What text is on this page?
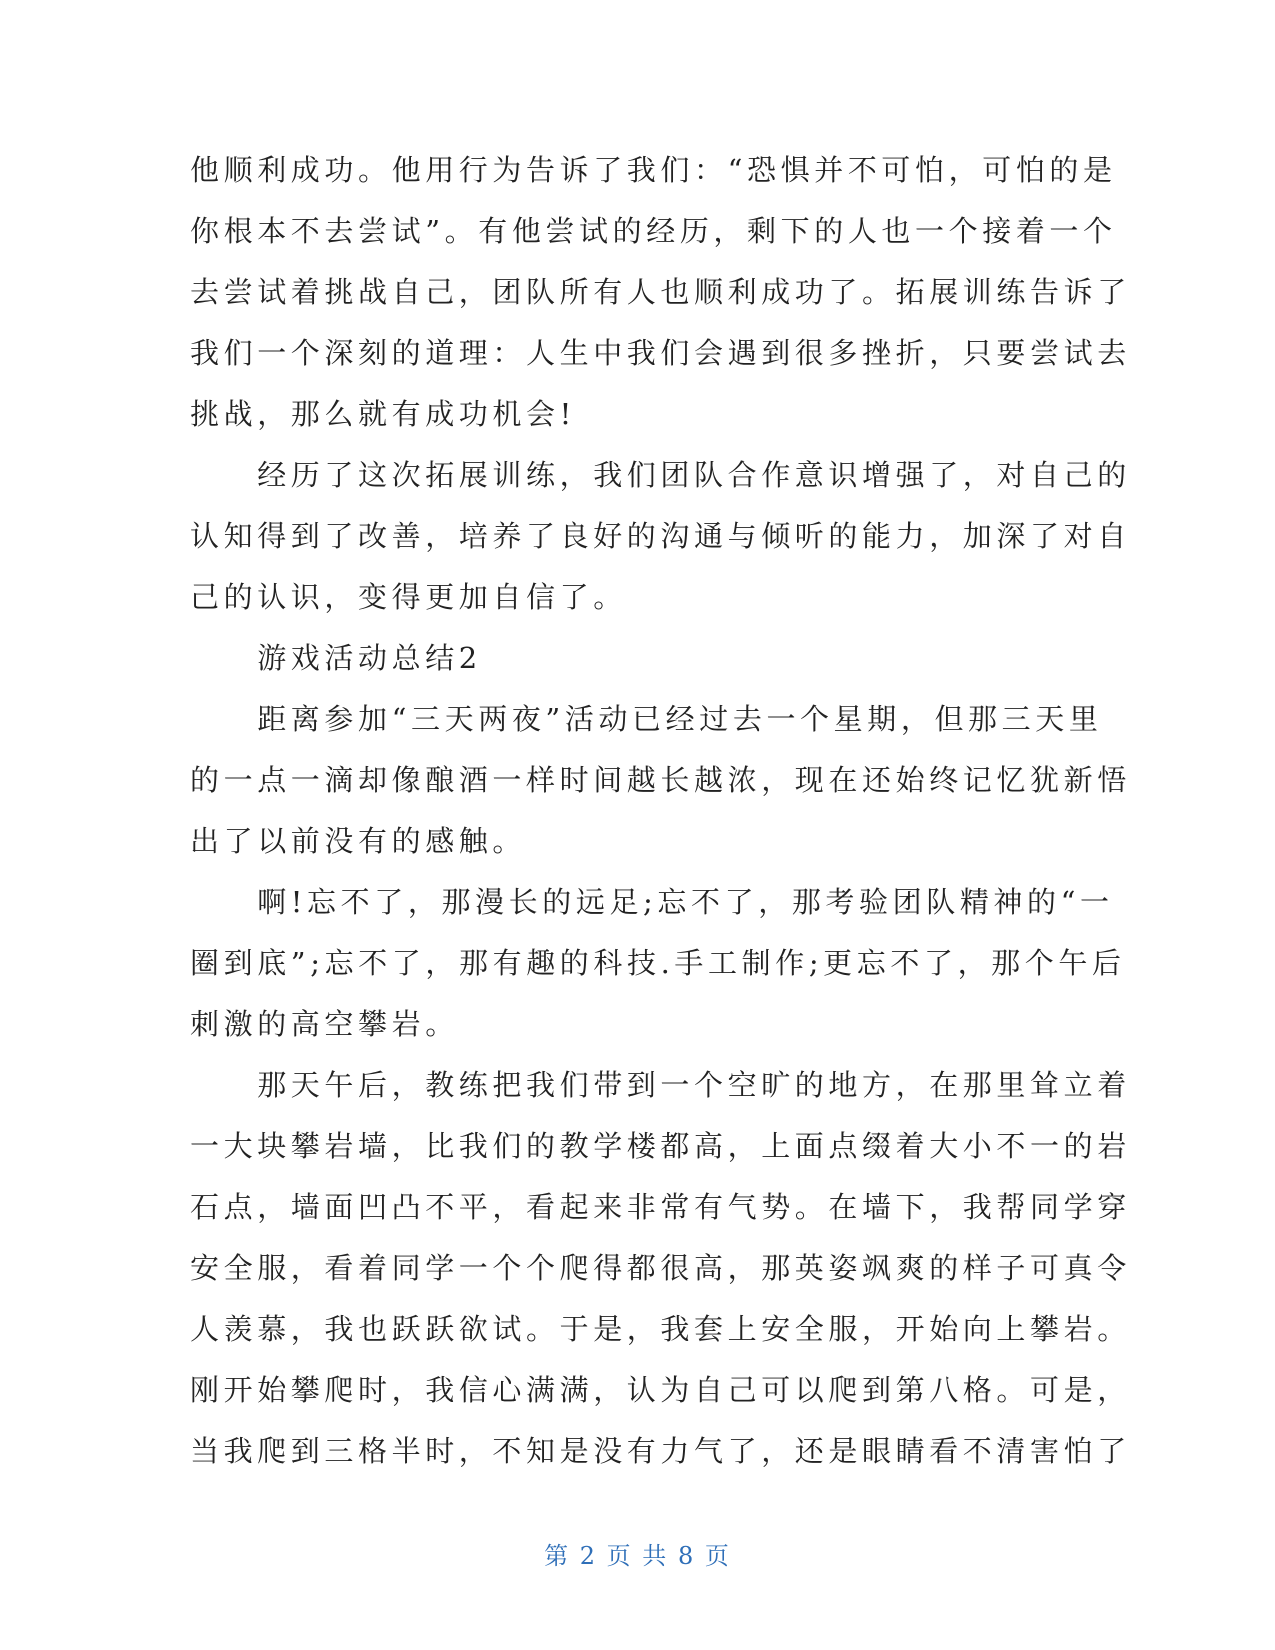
他顺利成功。他用行为告诉了我们：“恐惧并不可怕，可怕的是
你根本不去尝试”。有他尝试的经历，剩下的人也一个接着一个
去尝试着挑战自己，团队所有人也顺利成功了。拓展训练告诉了
我们一个深刻的道理：人生中我们会遇到很多挫折，只要尝试去
挑战，那么就有成功机会!
　　经历了这次拓展训练，我们团队合作意识增强了，对自己的
认知得到了改善，培养了良好的沟通与倾听的能力，加深了对自
己的认识，变得更加自信了。
　　游戏活动总结2
　　距离参加“三天两夜”活动已经过去一个星期，但那三天里
的一点一滴却像酿酒一样时间越长越浓，现在还始终记忆犹新悟
出了以前没有的感触。
　　啊!忘不了，那漫长的远足;忘不了，那考验团队精神的“一
圈到底”;忘不了，那有趣的科技.手工制作;更忘不了，那个午后
刺激的高空攀岩。
　　那天午后，教练把我们带到一个空旷的地方，在那里耸立着
一大块攀岩墙，比我们的教学楼都高，上面点缀着大小不一的岩
石点，墙面凹凸不平，看起来非常有气势。在墙下，我帮同学穿
安全服，看着同学一个个爬得都很高，那英姿飒爽的样子可真令
人羡慕，我也跃跃欲试。于是，我套上安全服，开始向上攀岩。
刚开始攀爬时，我信心满满，认为自己可以爬到第八格。可是，
当我爬到三格半时，不知是没有力气了，还是眼睛看不清害怕了
第 2 页 共 8 页
